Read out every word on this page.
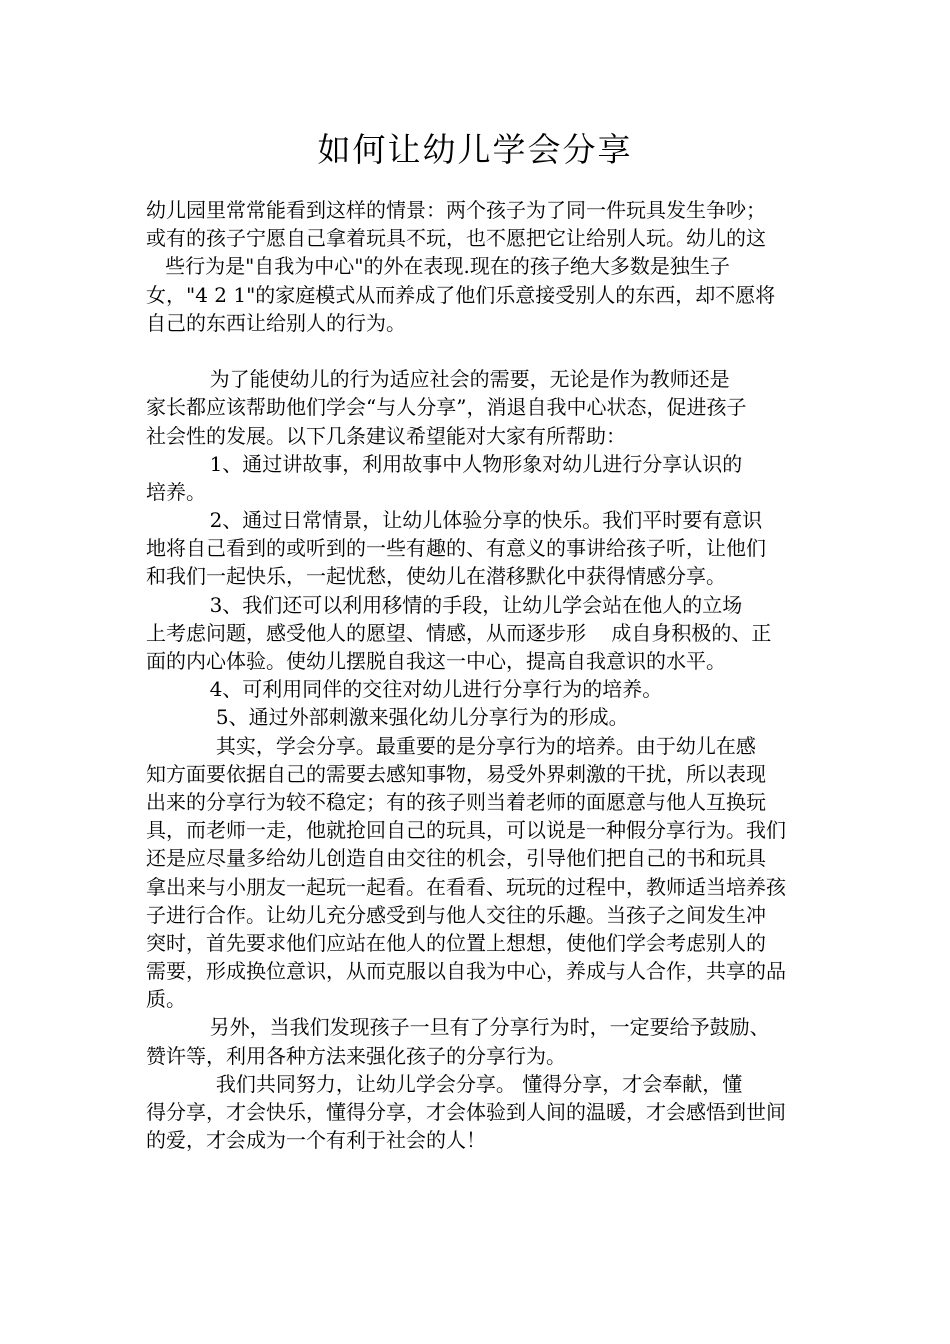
如何让幼儿学会分享
幼儿园里常常能看到这样的情景：两个孩子为了同一件玩具发生争吵；
或有的孩子宁愿自己拿着玩具不玩，也不愿把它让给别人玩。幼儿的这
些行为是"自我为中心"的外在表现.现在的孩子绝大多数是独生子
女，"4 2 1"的家庭模式从而养成了他们乐意接受别人的东西，却不愿将
自己的东西让给别人的行为。
为了能使幼儿的行为适应社会的需要，无论是作为教师还是
家长都应该帮助他们学会“与人分享”，消退自我中心状态，促进孩子
社会性的发展。以下几条建议希望能对大家有所帮助：
1、通过讲故事，利用故事中人物形象对幼儿进行分享认识的
培养。
2、通过日常情景，让幼儿体验分享的快乐。我们平时要有意识
地将自己看到的或听到的一些有趣的、有意义的事讲给孩子听，让他们
和我们一起快乐，一起忧愁，使幼儿在潜移默化中获得情感分享。
3、我们还可以利用移情的手段，让幼儿学会站在他人的立场
上考虑问题，感受他人的愿望、情感，从而逐步形    成自身积极的、正
面的内心体验。使幼儿摆脱自我这一中心，提高自我意识的水平。
4、可利用同伴的交往对幼儿进行分享行为的培养。
5、通过外部刺激来强化幼儿分享行为的形成。
其实，学会分享。最重要的是分享行为的培养。由于幼儿在感
知方面要依据自己的需要去感知事物，易受外界刺激的干扰，所以表现
出来的分享行为较不稳定；有的孩子则当着老师的面愿意与他人互换玩
具，而老师一走，他就抢回自己的玩具，可以说是一种假分享行为。我们
还是应尽量多给幼儿创造自由交往的机会，引导他们把自己的书和玩具
拿出来与小朋友一起玩一起看。在看看、玩玩的过程中，教师适当培养孩
子进行合作。让幼儿充分感受到与他人交往的乐趣。当孩子之间发生冲
突时，首先要求他们应站在他人的位置上想想，使他们学会考虑别人的
需要，形成换位意识，从而克服以自我为中心，养成与人合作，共享的品
质。
另外，当我们发现孩子一旦有了分享行为时，一定要给予鼓励、
赞许等，利用各种方法来强化孩子的分享行为。
我们共同努力，让幼儿学会分享。 懂得分享，才会奉献，懂
得分享，才会快乐，懂得分享，才会体验到人间的温暖，才会感悟到世间
的爱，才会成为一个有利于社会的人！
